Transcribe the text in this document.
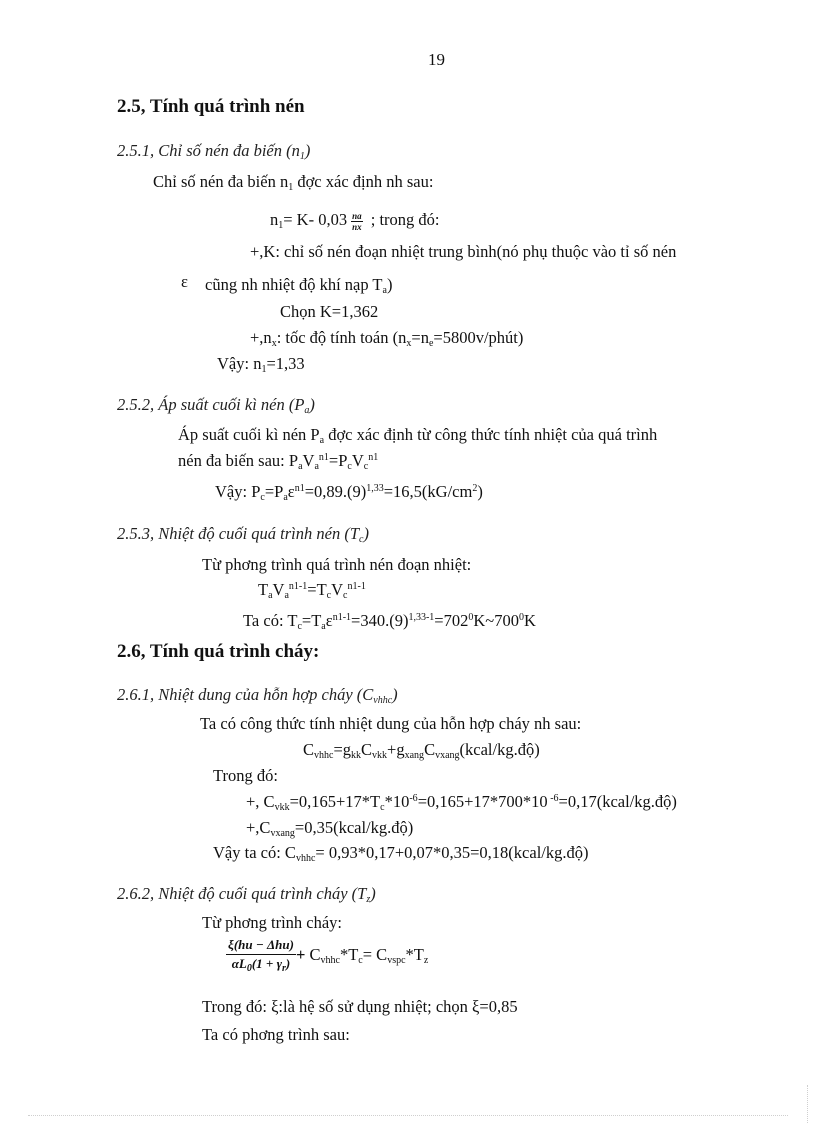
19
2.5, Tính quá trình nén
2.5.1, Chỉ số nén đa biến $(n_1)$
Chỉ số nén đa biến $n_1$ đợc xác định nh sau:
$n_1= K-$ $0,03 \frac{na}{nx}$ ; trong đó:
+,K: chỉ số nén đoạn nhiệt trung bình(nó phụ thuộc vào tỉ số nén
ε cũng nh nhiệt độ khí nạp $T_a$)
Chọn K=1,362
$+,n_x$: tốc độ tính toán $(n_x=n_e=5800v/phút)$
Vậy: $n_1=1,33$
2.5.2, Áp suất cuối kì nén $(P_a)$
Áp suất cuối kì nén $P_a$ đợc xác định từ công thức tính nhiệt của quá trình
nén đa biến sau: $P_aV_a^{n1}=P_cV_c^{n1}$
Vậy: $P_c=P_a\varepsilon^{n1}=0,89.(9)^{1,33}=16,5(kG/cm^2)$
2.5.3, Nhiệt độ cuối quá trình nén $(T_c)$
Từ phơng trình quá trình nén đoạn nhiệt:
$T_aV_a^{n1-1}=T_cV_c^{n1-1}$
Ta có: $T_c=T_a\varepsilon^{n1-1}=340.(9)^{1,33-1}=702^0K\sim 700^0K$
2.6, Tính quá trình cháy:
2.6.1, Nhiệt dung của hỗn hợp cháy $(C_{vhhc})$
Ta có công thức tính nhiệt dung của hỗn hợp cháy nh sau:
$C_{vhhc}=g_{kk}C_{vkk}+g_{xang}C_{vxang}(kcal/kg.độ)$
Trong đó:
+, $C_{vkk}=0,165+17*T_c*10^{-6}=0,165+17*700*10$ $^{-6}$=0,17(kcal/kg.độ)
$+,C_{vxang}=0,35(kcal/kg.độ)$
Vậy ta có: $C_{vhhc}=$ 0,93*0,17+0,07*0,35=0,18(kcal/kg.độ)
2.6.2, Nhiệt độ cuối quá trình cháy $(T_z)$
Từ phơng trình cháy:
$\frac{\text{ξ(hu − Δhu)}}{\alpha L_0(1 + \gamma_r)} + C_{vhhc}*T_c= C_{vspc}*T_z$
Trong đó: ξ:là hệ số sử dụng nhiệt; chọn ξ=0,85
Ta có phơng trình sau:
